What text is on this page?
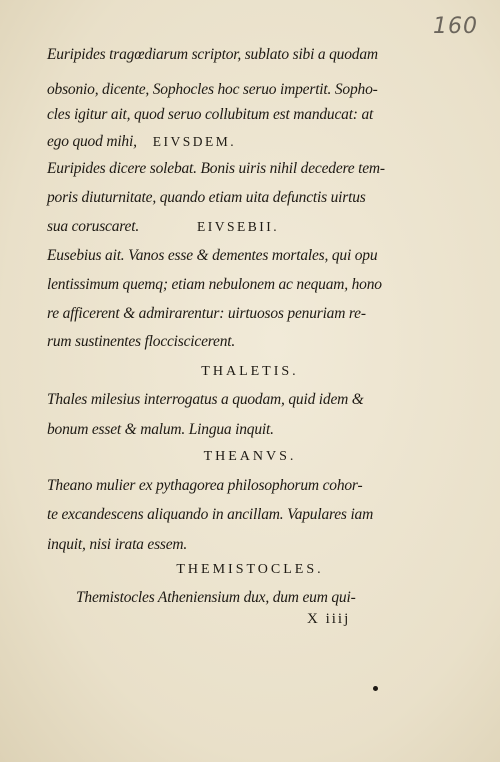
160
Euripides tragœdiarum scriptor, sublato sibi a quodam
obsonio, dicente, Sophocles hoc seruo impertit. Sopho-
cles igitur ait, quod seruo collubitum est manducat: at
ego quod mihi, EIVSDEM.
Euripides dicere solebat. Bonis uiris nihil decedere tem-
poris diuturnitate, quando etiam uita defunctis uirtus
sua coruscaret.	EIVSEBII.
Eusebius ait. Vanos esse & dementes mortales, qui opu
lentissimum quemq; etiam nebulonem ac nequam, hono
re afficerent & admirarentur: uirtuosos penuriam re-
rum sustinentes flocciscicerent.
THALETIS.
Thales milesius interrogatus a quodam, quid idem &
bonum esset & malum. Lingua inquit.
THEANVS.
Theano mulier ex pythagorea philosophorum cohor-
te excandescens aliquando in ancillam. Vapulares iam
inquit, nisi irata essem.
THEMISTOCLES.
Themistocles Atheniensium dux, dum eum qui-
X iiij
